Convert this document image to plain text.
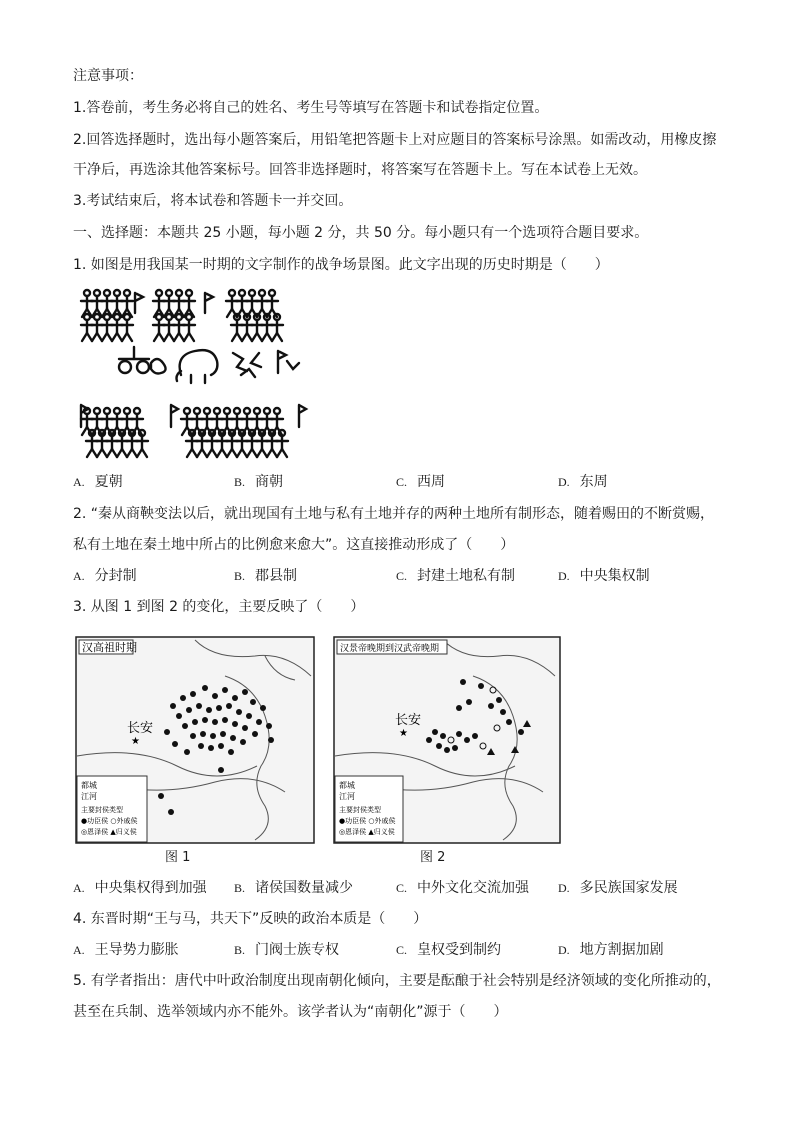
注意事项：
1.答卷前，考生务必将自己的姓名、考生号等填写在答题卡和试卷指定位置。
2.回答选择题时，选出每小题答案后，用铅笔把答题卡上对应题目的答案标号涂黑。如需改动，用橡皮擦
干净后，再选涂其他答案标号。回答非选择题时，将答案写在答题卡上。写在本试卷上无效。
3.考试结束后，将本试卷和答题卡一并交回。
一、选择题：本题共 25 小题，每小题 2 分，共 50 分。每小题只有一个选项符合题目要求。
1. 如图是用我国某一时期的文字制作的战争场景图。此文字出现的历史时期是（　　）
A. 夏朝	B. 商朝	C. 西周	D. 东周
2. “秦从商鞅变法以后，就出现国有土地与私有土地并存的两种土地所有制形态，随着赐田的不断赏赐，
私有土地在秦土地中所占的比例愈来愈大”。这直接推动形成了（　　）
A. 分封制	B. 郡县制	C. 封建土地私有制	D. 中央集权制
3. 从图 1 到图 2 的变化，主要反映了（　　）
汉高祖时期
长安
★
都城
江河
主要封侯类型
●功臣侯 ○外戚侯
◎恩泽侯 ▲归义侯
图 1
汉景帝晚期到汉武帝晚期
长安
★
都城
江河
主要封侯类型
●功臣侯 ○外戚侯
◎恩泽侯 ▲归义侯
图 2
A. 中央集权得到加强 B. 诸侯国数量减少	C. 中外文化交流加强 D. 多民族国家发展
4. 东晋时期“王与马，共天下”反映的政治本质是（　　）
A. 王导势力膨胀	B. 门阀士族专权	C. 皇权受到制约	D. 地方割据加剧
5. 有学者指出：唐代中叶政治制度出现南朝化倾向，主要是酝酿于社会特别是经济领域的变化所推动的，
甚至在兵制、选举领域内亦不能外。该学者认为“南朝化”源于（　　）
